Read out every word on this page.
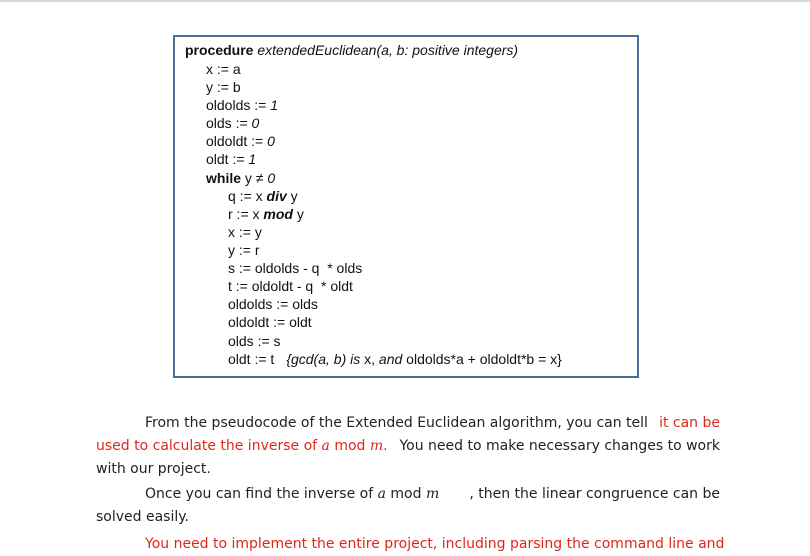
procedure extendedEuclidean(a, b: positive integers)
x := a
y := b
oldolds := 1
olds := 0
oldoldt := 0
oldt := 1
while y ≠ 0
q := x div y
r := x mod y
x := y
y := r
s := oldolds - q  * olds
t := oldoldt - q  * oldt
oldolds := olds
oldoldt := oldt
olds := s
oldt := t {gcd(a, b) is x, and oldolds*a + oldoldt*b = x}
From the pseudocode of the Extended Euclidean algorithm, you can tell it can be
used to calculate the inverse of a mod m. You need to make necessary changes to work
with our project.
Once you can find the inverse of a mod m , then the linear congruence can be
solved easily.
You need to implement the entire project, including parsing the command line and
